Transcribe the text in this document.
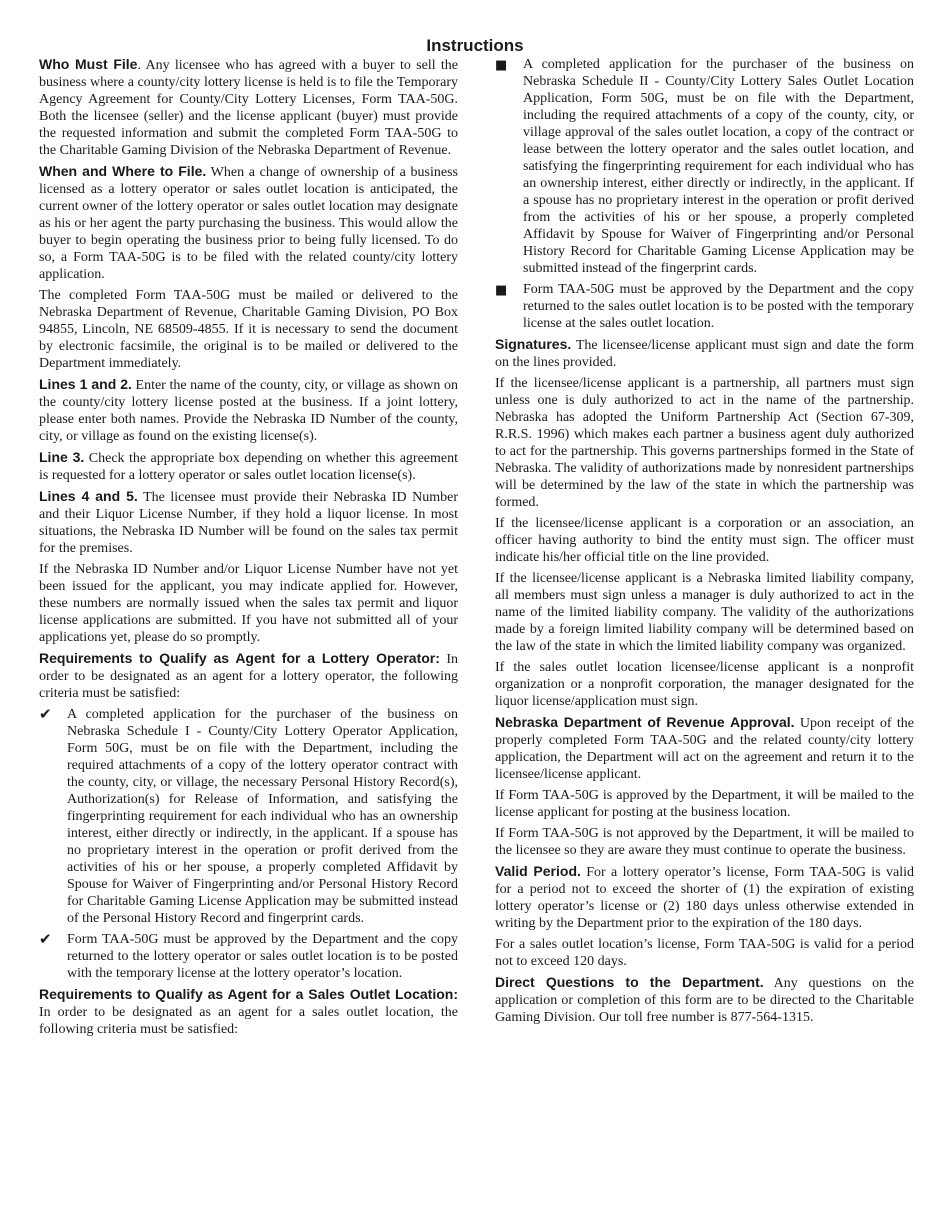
Instructions

Who Must File. Any licensee who has agreed with a buyer to sell the business where a county/city lottery license is held is to file the Temporary Agency Agreement for County/City Lottery Licenses, Form TAA-50G. Both the licensee (seller) and the license applicant (buyer) must provide the requested information and submit the completed Form TAA-50G to the Charitable Gaming Division of the Nebraska Department of Revenue.

When and Where to File. When a change of ownership of a business licensed as a lottery operator or sales outlet location is anticipated, the current owner of the lottery operator or sales outlet location may designate as his or her agent the party purchasing the business. This would allow the buyer to begin operating the business prior to being fully licensed. To do so, a Form TAA-50G is to be filed with the related county/city lottery application.

The completed Form TAA-50G must be mailed or delivered to the Nebraska Department of Revenue, Charitable Gaming Division, PO Box 94855, Lincoln, NE 68509-4855. If it is necessary to send the document by electronic facsimile, the original is to be mailed or delivered to the Department immediately.

Lines 1 and 2. Enter the name of the county, city, or village as shown on the county/city lottery license posted at the business. If a joint lottery, please enter both names. Provide the Nebraska ID Number of the county, city, or village as found on the existing license(s).

Line 3. Check the appropriate box depending on whether this agreement is requested for a lottery operator or sales outlet location license(s).

Lines 4 and 5. The licensee must provide their Nebraska ID Number and their Liquor License Number, if they hold a liquor license. In most situations, the Nebraska ID Number will be found on the sales tax permit for the premises.

If the Nebraska ID Number and/or Liquor License Number have not yet been issued for the applicant, you may indicate applied for. However, these numbers are normally issued when the sales tax permit and liquor license applications are submitted. If you have not submitted all of your applications yet, please do so promptly.

Requirements to Qualify as Agent for a Lottery Operator: In order to be designated as an agent for a lottery operator, the following criteria must be satisfied:

✔ A completed application for the purchaser of the business on Nebraska Schedule I - County/City Lottery Operator Application, Form 50G, must be on file with the Department, including the required attachments of a copy of the lottery operator contract with the county, city, or village, the necessary Personal History Record(s), Authorization(s) for Release of Information, and satisfying the fingerprinting requirement for each individual who has an ownership interest, either directly or indirectly, in the applicant. If a spouse has no proprietary interest in the operation or profit derived from the activities of his or her spouse, a properly completed Affidavit by Spouse for Waiver of Fingerprinting and/or Personal History Record for Charitable Gaming License Application may be submitted instead of the Personal History Record and fingerprint cards.
✔ Form TAA-50G must be approved by the Department and the copy returned to the lottery operator or sales outlet location is to be posted with the temporary license at the lottery operator’s location.

Requirements to Qualify as Agent for a Sales Outlet Location: In order to be designated as an agent for a sales outlet location, the following criteria must be satisfied:

■ A completed application for the purchaser of the business on Nebraska Schedule II - County/City Lottery Sales Outlet Location Application, Form 50G, must be on file with the Department, including the required attachments of a copy of the county, city, or village approval of the sales outlet location, a copy of the contract or lease between the lottery operator and the sales outlet location, and satisfying the fingerprinting requirement for each individual who has an ownership interest, either directly or indirectly, in the applicant. If a spouse has no proprietary interest in the operation or profit derived from the activities of his or her spouse, a properly completed Affidavit by Spouse for Waiver of Fingerprinting and/or Personal History Record for Charitable Gaming License Application may be submitted instead of the fingerprint cards.
■ Form TAA-50G must be approved by the Department and the copy returned to the sales outlet location is to be posted with the temporary license at the sales outlet location.

Signatures. The licensee/license applicant must sign and date the form on the lines provided.

If the licensee/license applicant is a partnership, all partners must sign unless one is duly authorized to act in the name of the partnership. Nebraska has adopted the Uniform Partnership Act (Section 67-309, R.R.S. 1996) which makes each partner a business agent duly authorized to act for the partnership. This governs partnerships formed in the State of Nebraska. The validity of authorizations made by nonresident partnerships will be determined by the law of the state in which the partnership was formed.

If the licensee/license applicant is a corporation or an association, an officer having authority to bind the entity must sign. The officer must indicate his/her official title on the line provided.

If the licensee/license applicant is a Nebraska limited liability company, all members must sign unless a manager is duly authorized to act in the name of the limited liability company. The validity of the authorizations made by a foreign limited liability company will be determined based on the law of the state in which the limited liability company was organized.

If the sales outlet location licensee/license applicant is a nonprofit organization or a nonprofit corporation, the manager designated for the liquor license/application must sign.

Nebraska Department of Revenue Approval. Upon receipt of the properly completed Form TAA-50G and the related county/city lottery application, the Department will act on the agreement and return it to the licensee/license applicant.

If Form TAA-50G is approved by the Department, it will be mailed to the license applicant for posting at the business location.

If Form TAA-50G is not approved by the Department, it will be mailed to the licensee so they are aware they must continue to operate the business.

Valid Period. For a lottery operator’s license, Form TAA-50G is valid for a period not to exceed the shorter of (1) the expiration of existing lottery operator’s license or (2) 180 days unless otherwise extended in writing by the Department prior to the expiration of the 180 days.

For a sales outlet location’s license, Form TAA-50G is valid for a period not to exceed 120 days.

Direct Questions to the Department. Any questions on the application or completion of this form are to be directed to the Charitable Gaming Division. Our toll free number is 877-564-1315.
